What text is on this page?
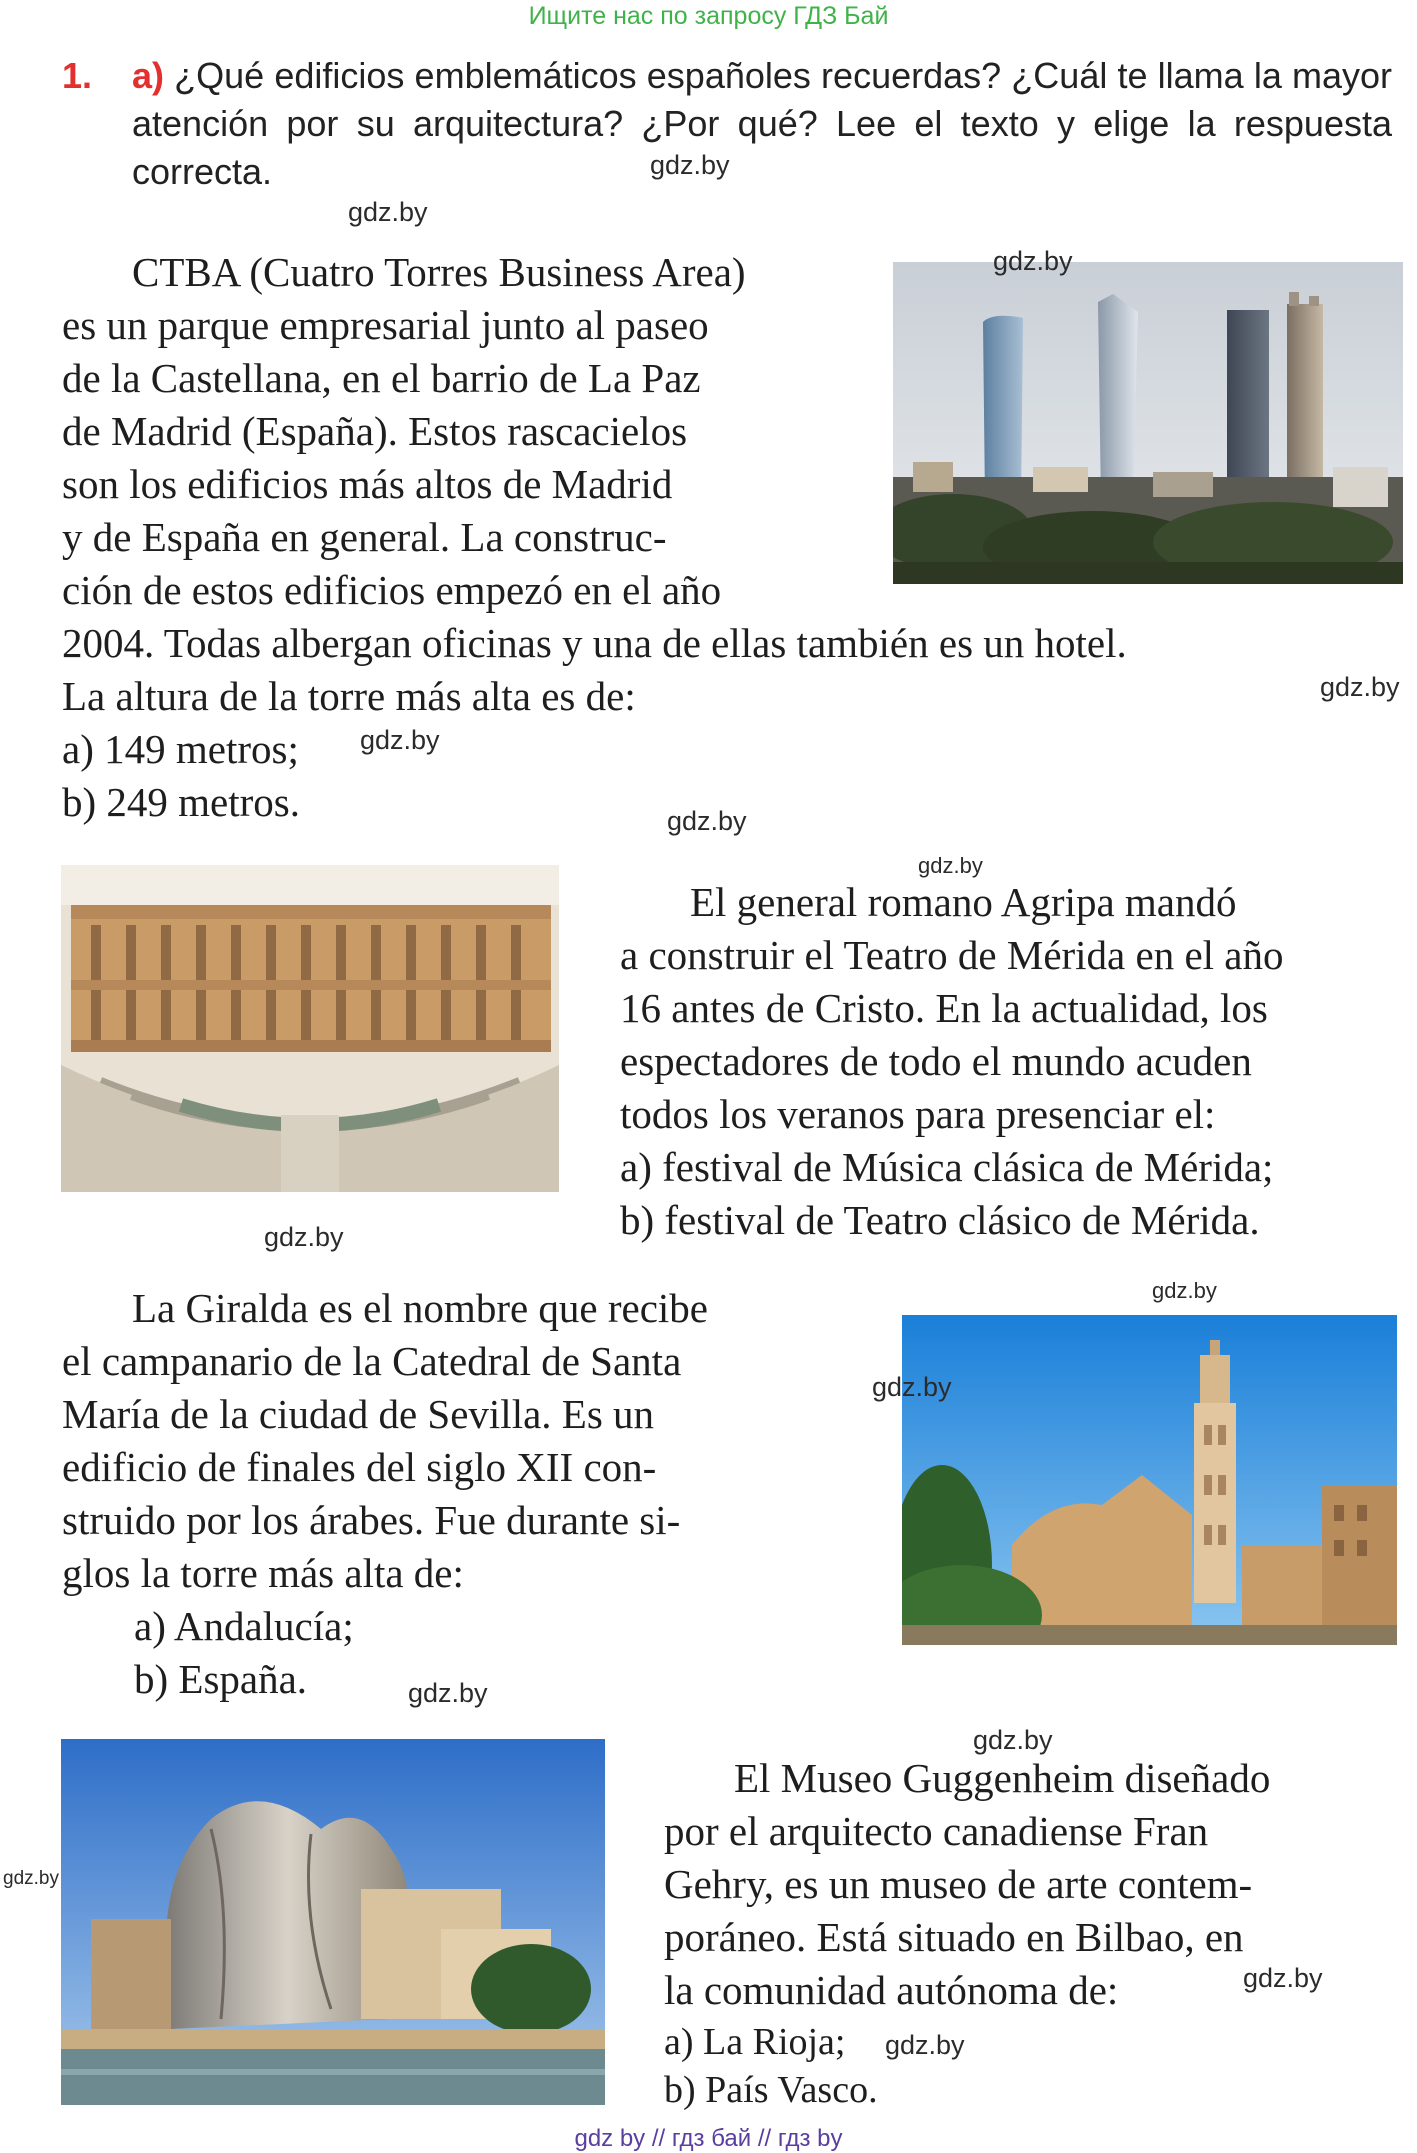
Ищите нас по запросу ГДЗ Бай
1. a) ¿Qué edificios emblemáticos españoles recuerdas? ¿Cuál te llama la mayor atención por su arquitectura? ¿Por qué? Lee el texto y elige la respuesta correcta.

CTBA (Cuatro Torres Business Area)

es un parque empresarial junto al paseo

de la Castellana, en el barrio de La Paz

de Madrid (España). Estos rascacielos

son los edificios más altos de Madrid

y de España en general. La construc-

ción de estos edificios empezó en el año

2004. Todas albergan oficinas y una de ellas también es un hotel.

La altura de la torre más alta es de:

a) 149 metros;

b) 249 metros.

El general romano Agripa mandó

a construir el Teatro de Mérida en el año

16 antes de Cristo. En la actualidad, los

espectadores de todo el mundo acuden

todos los veranos para presenciar el:

a) festival de Música clásica de Mérida;

b) festival de Teatro clásico de Mérida.

La Giralda es el nombre que recibe

el campanario de la Catedral de Santa

María de la ciudad de Sevilla. Es un

edificio de finales del siglo XII con-

struido por los árabes. Fue durante si-

glos la torre más alta de:

a) Andalucía;

b) España.

El Museo Guggenheim diseñado

por el arquitecto canadiense Fran

Gehry, es un museo de arte contem-

poráneo. Está situado en Bilbao, en

la comunidad autónoma de:

a) La Rioja;

b) País Vasco.

gdz.by
gdz.by
gdz.by
gdz.by
gdz.by
gdz.by
gdz.by
gdz.by
gdz.by
gdz.by
gdz.by
gdz.by
gdz.by
gdz.by
gdz.by
gdz by // гдз бай // гдз by
